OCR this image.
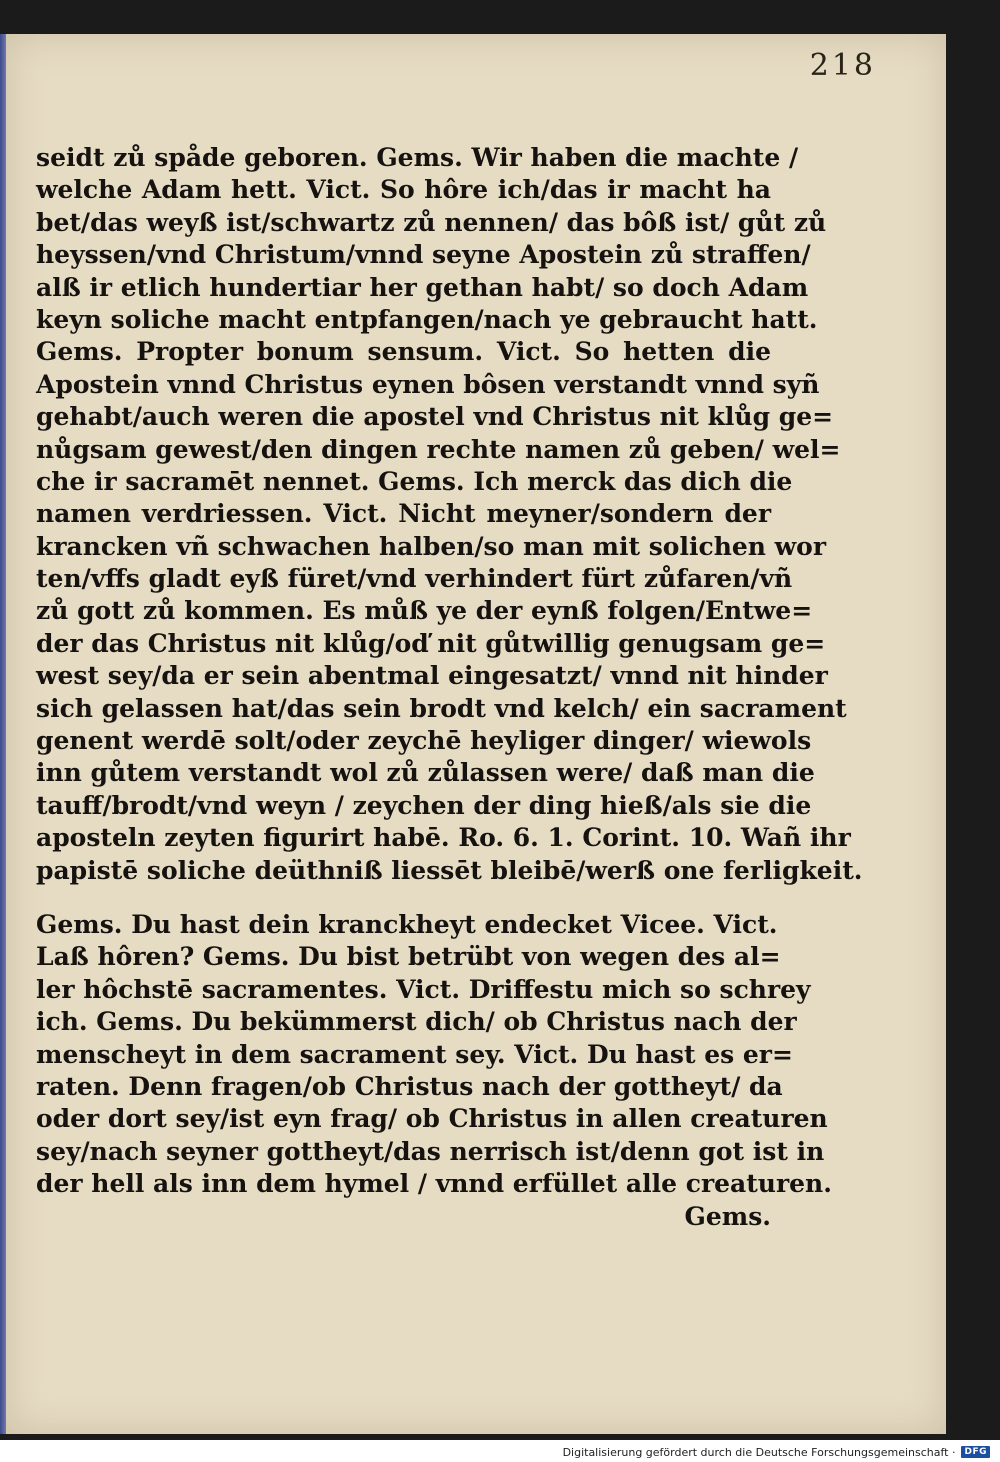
218
seidt zů spåde geboren. Gems. Wir haben die machte /
welche Adam hett. Vict. So hôre ich/das ir macht ha
bet/das weyß ist/schwartz zů nennen/ das bôß ist/ gůt zů
heyssen/vnd Christum/vnnd seyne Apostein zů straffen/
alß ir etlich hundertiar her gethan habt/ so doch Adam
keyn soliche macht entpfangen/nach ye gebraucht hatt.
Gems. Propter bonum sensum. Vict. So hetten die
Apostein vnnd Christus eynen bôsen verstandt vnnd syñ
gehabt/auch weren die apostel vnd Christus nit klůg ge=
nůgsam gewest/den dingen rechte namen zů geben/ wel=
che ir sacramēt nennet. Gems. Ich merck das dich die
namen verdriessen. Vict. Nicht meyner/sondern der
krancken vñ schwachen halben/so man mit solichen wor
ten/vffs gladt eyß füret/vnd verhindert fürt zůfaren/vñ
zů gott zů kommen. Es můß ye der eynß folgen/Entwe=
der das Christus nit klůg/oď nit gůtwillig genugsam ge=
west sey/da er sein abentmal eingesatzt/ vnnd nit hinder
sich gelassen hat/das sein brodt vnd kelch/ ein sacrament
genent werdē solt/oder zeychē heyliger dinger/ wiewols
inn gůtem verstandt wol zů zůlassen were/ daß man die
tauff/brodt/vnd weyn / zeychen der ding hieß/als sie die
aposteln zeyten figurirt habē. Ro. 6. 1. Corint. 10. Wañ ihr
papistē soliche deüthniß liessēt bleibē/werß one ferligkeit.
Gems. Du hast dein kranckheyt endecket Vicee. Vict.
Laß hôren? Gems. Du bist betrübt von wegen des al=
ler hôchstē sacramentes. Vict. Driffestu mich so schrey
ich. Gems. Du bekümmerst dich/ ob Christus nach der
menscheyt in dem sacrament sey. Vict. Du hast es er=
raten. Denn fragen/ob Christus nach der gottheyt/ da
oder dort sey/ist eyn frag/ ob Christus in allen creaturen
sey/nach seyner gottheyt/das nerrisch ist/denn got ist in
der hell als inn dem hymel / vnnd erfüllet alle creaturen.
Gems.
Digitalisierung gefördert durch die Deutsche Forschungsgemeinschaft ·	DFG
